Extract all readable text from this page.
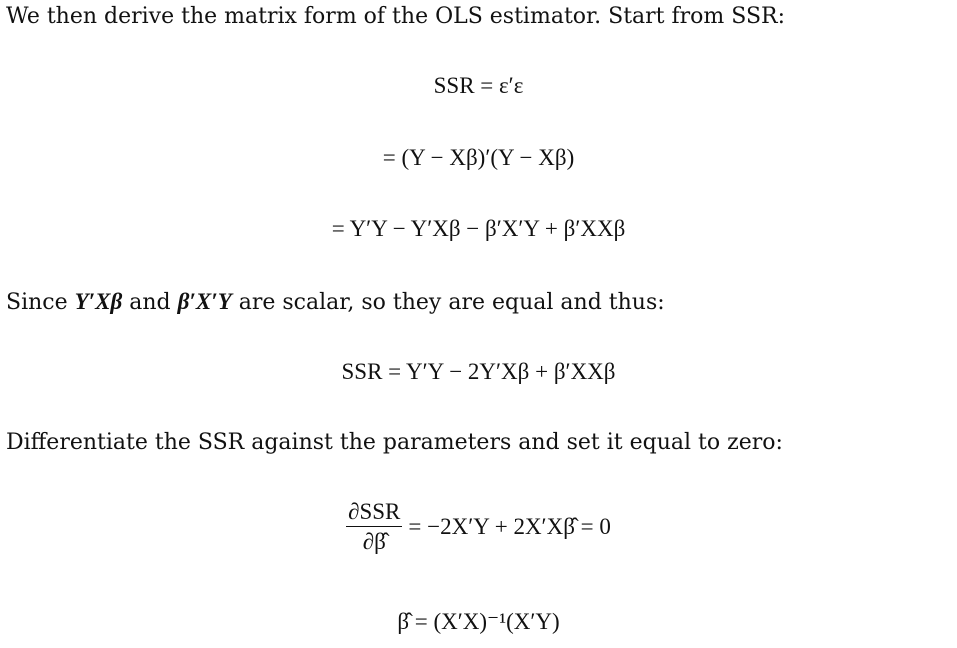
We then derive the matrix form of the OLS estimator. Start from SSR:
SSR = ε′ε
= (Y − Xβ)′(Y − Xβ)
= Y′Y − Y′Xβ − β′X′Y + β′XXβ
Since Y′Xβ and β′X′Y are scalar, so they are equal and thus:
SSR = Y′Y − 2Y′Xβ + β′XXβ
Differentiate the SSR against the parameters and set it equal to zero:
$\frac{\text{∂SSR}}{\partial\betâ} = -2X'Y$ + 2X′Xβ̂ = 0
β̂ = (X′X)⁻¹(X′Y)
